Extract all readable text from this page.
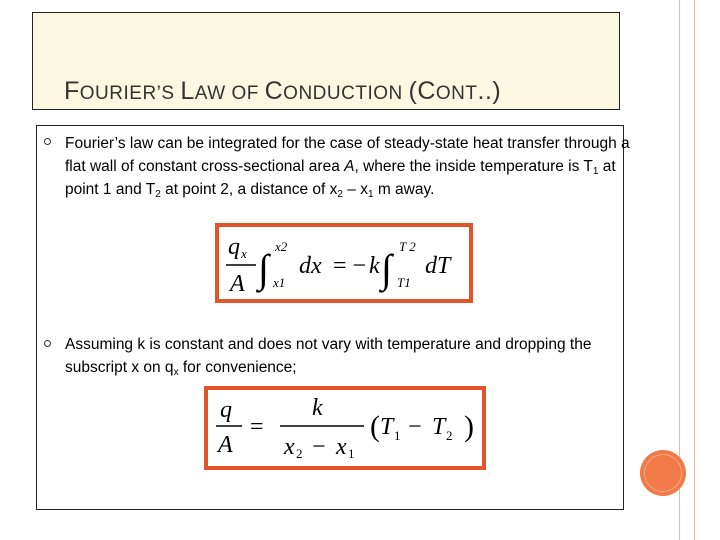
FOURIER’S LAW OF CONDUCTION (CONT..)
Fourier’s law can be integrated for the case of steady-state heat transfer through a flat wall of constant cross-sectional area A, where the inside temperature is $T_1$ at point 1 and $T_2$ at point 2, a distance of $x_2 - x_1$ m away.
q x
A ∫ x2
x1
dx = − k ∫ T 2
T1
dT
Assuming k is constant and does not vary with temperature and dropping the subscript x on $q_x$ for convenience;
q
A
=
k
x 2 − x 1
( T 1 − T 2 )
